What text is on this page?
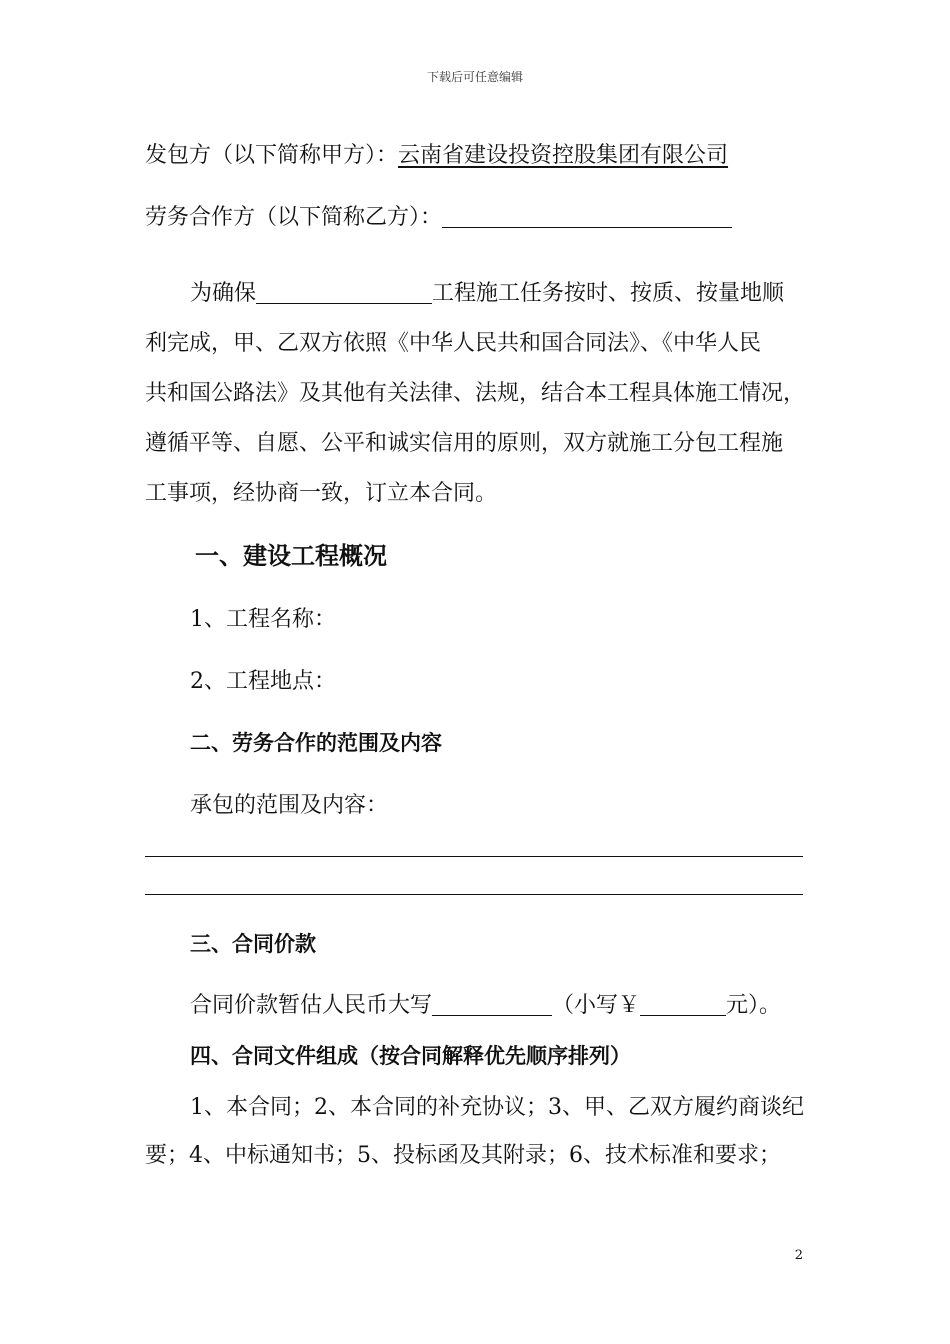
下载后可任意编辑
发包方（以下简称甲方）：云南省建设投资控股集团有限公司
劳务合作方（以下简称乙方）：
为确保	工程施工任务按时、按质、按量地顺
利完成，甲、乙双方依照《中华人民共和国合同法》、《中华人民
共和国公路法》及其他有关法律、法规，结合本工程具体施工情况，
遵循平等、自愿、公平和诚实信用的原则，双方就施工分包工程施
工事项，经协商一致，订立本合同。
一、建设工程概况
1、工程名称：
2、工程地点：
二、劳务合作的范围及内容
承包的范围及内容：
三、合同价款
合同价款暂估人民币大写	（小写￥	元）。
四、合同文件组成（按合同解释优先顺序排列）
1、本合同；2、本合同的补充协议；3、甲、乙双方履约商谈纪
要；4、中标通知书；5、投标函及其附录；6、技术标准和要求；
2
